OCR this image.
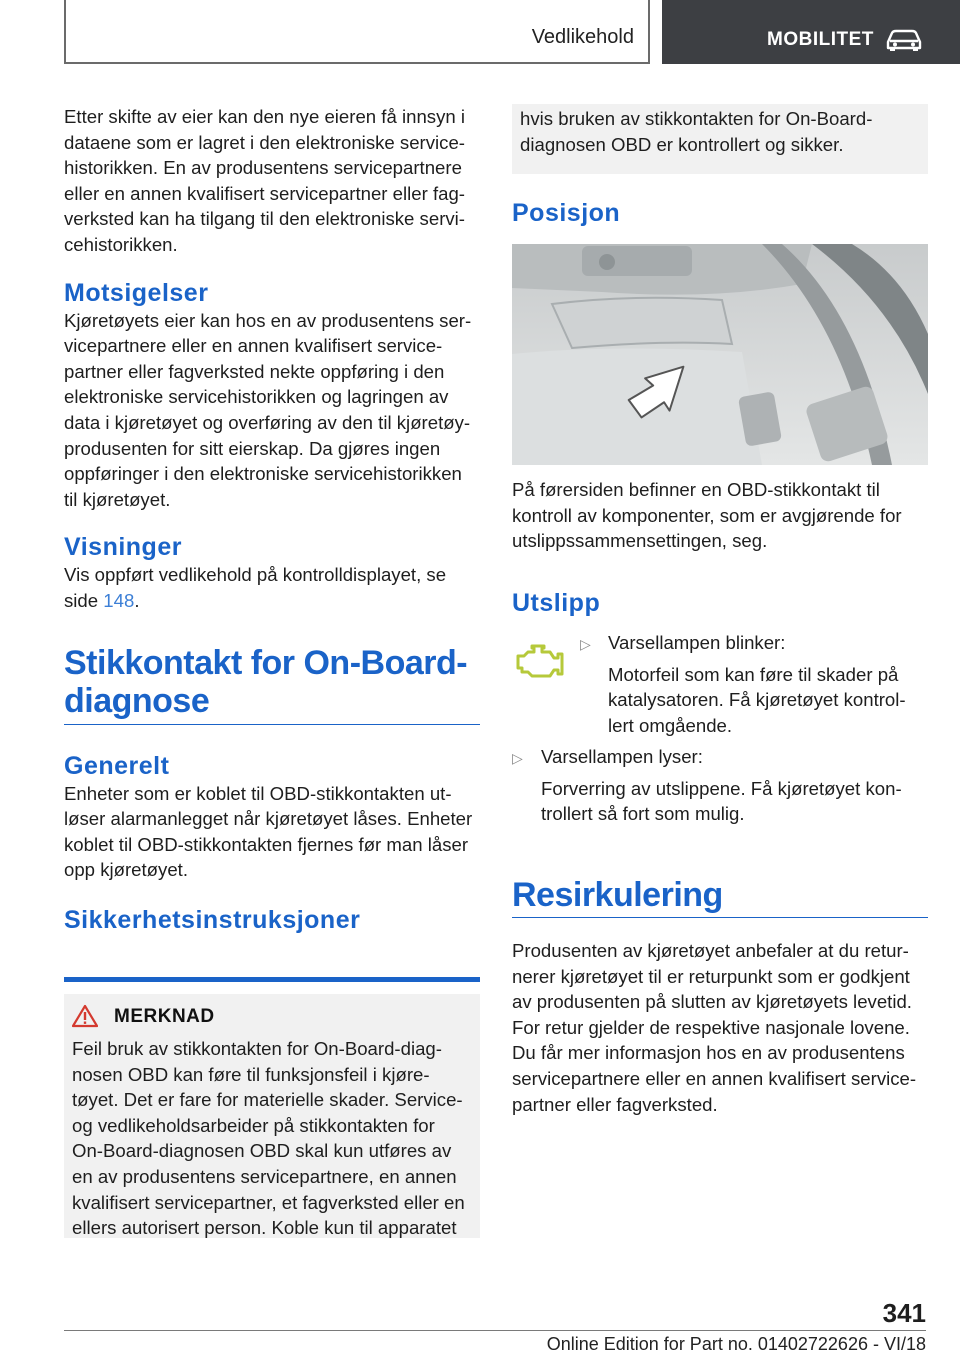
Vedlikehold	MOBILITET

Etter skifte av eier kan den nye eieren få innsyn i

dataene som er lagret i den elektroniske service-

historikken. En av produsentens servicepartnere

eller en annen kvalifisert servicepartner eller fag-

verksted kan ha tilgang til den elektroniske servi-

cehistorikken.

Motsigelser

Kjøretøyets eier kan hos en av produsentens ser-

vicepartnere eller en annen kvalifisert service-

partner eller fagverksted nekte oppføring i den

elektroniske servicehistorikken og lagringen av

data i kjøretøyet og overføring av den til kjøretøy-

produsenten for sitt eierskap. Da gjøres ingen

oppføringer i den elektroniske servicehistorikken

til kjøretøyet.

Visninger

Vis oppført vedlikehold på kontrolldisplayet, se

side 148.

Stikkontakt for On-Board-
diagnose
Generelt

Enheter som er koblet til OBD-stikkontakten ut-

løser alarmanlegget når kjøretøyet låses. Enheter

koblet til OBD-stikkontakten fjernes før man låser

opp kjøretøyet.

Sikkerhetsinstruksjoner
MERKNAD
Feil bruk av stikkontakten for On-Board-diag-
nosen OBD kan føre til funksjonsfeil i kjøre-
tøyet. Det er fare for materielle skader. Service-
og vedlikeholdsarbeider på stikkontakten for
On-Board-diagnosen OBD skal kun utføres av
en av produsentens servicepartnere, en annen
kvalifisert servicepartner, et fagverksted eller en
ellers autorisert person. Koble kun til apparatet
hvis bruken av stikkontakten for On-Board-
diagnosen OBD er kontrollert og sikker.
Posisjon

På førersiden befinner en OBD-stikkontakt til

kontroll av komponenter, som er avgjørende for

utslippssammensettingen, seg.

Utslipp
▷ Varsellampen blinker:
Motorfeil som kan føre til skader på
katalysatoren. Få kjøretøyet kontrol-
lert omgående.
▷ Varsellampen lyser:
Forverring av utslippene. Få kjøretøyet kon-
trollert så fort som mulig.
Resirkulering

Produsenten av kjøretøyet anbefaler at du retur-

nerer kjøretøyet til er returpunkt som er godkjent

av produsenten på slutten av kjøretøyets levetid.

For retur gjelder de respektive nasjonale lovene.

Du får mer informasjon hos en av produsentens

servicepartnere eller en annen kvalifisert service-

partner eller fagverksted.

341
Online Edition for Part no. 01402722626 - VI/18
